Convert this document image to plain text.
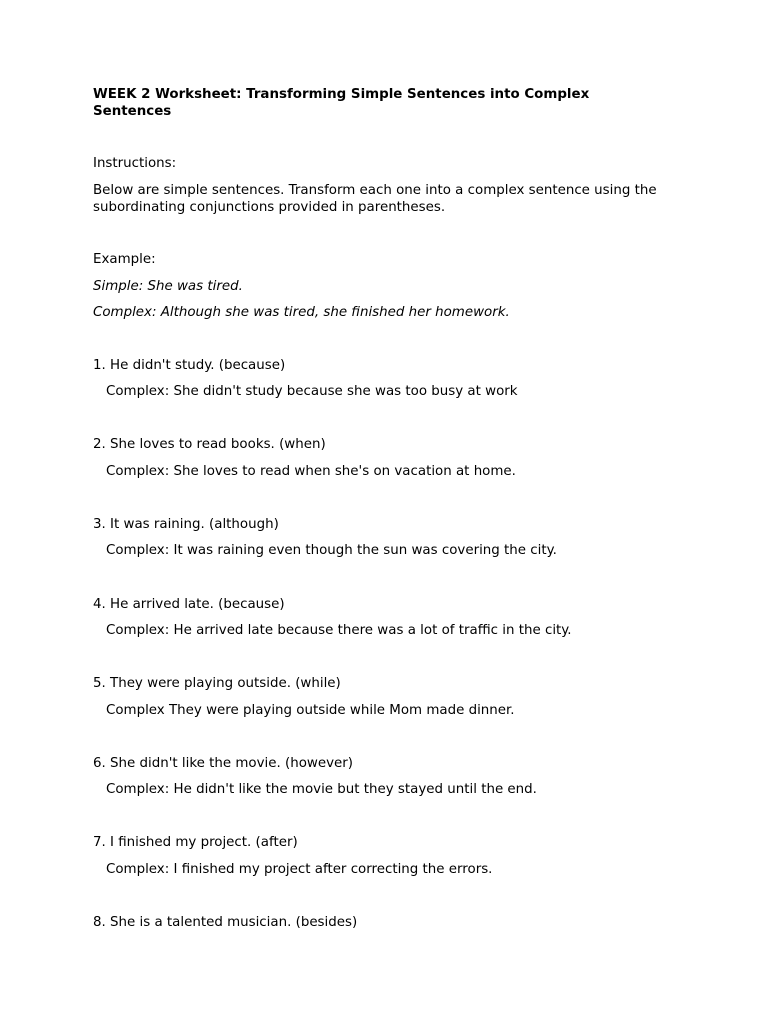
WEEK 2 Worksheet: Transforming Simple Sentences into Complex Sentences

Instructions:

Below are simple sentences. Transform each one into a complex sentence using the subordinating conjunctions provided in parentheses.

Example:

Simple: She was tired.

Complex: Although she was tired, she finished her homework.

1. He didn't study. (because)

Complex: She didn't study because she was too busy at work

2. She loves to read books. (when)

Complex: She loves to read when she's on vacation at home.

3. It was raining. (although)

Complex: It was raining even though the sun was covering the city.

4. He arrived late. (because)

Complex: He arrived late because there was a lot of traffic in the city.

5. They were playing outside. (while)

Complex They were playing outside while Mom made dinner.

6. She didn't like the movie. (however)

Complex: He didn't like the movie but they stayed until the end.

7. I finished my project. (after)

Complex: I finished my project after correcting the errors.

8. She is a talented musician. (besides)
